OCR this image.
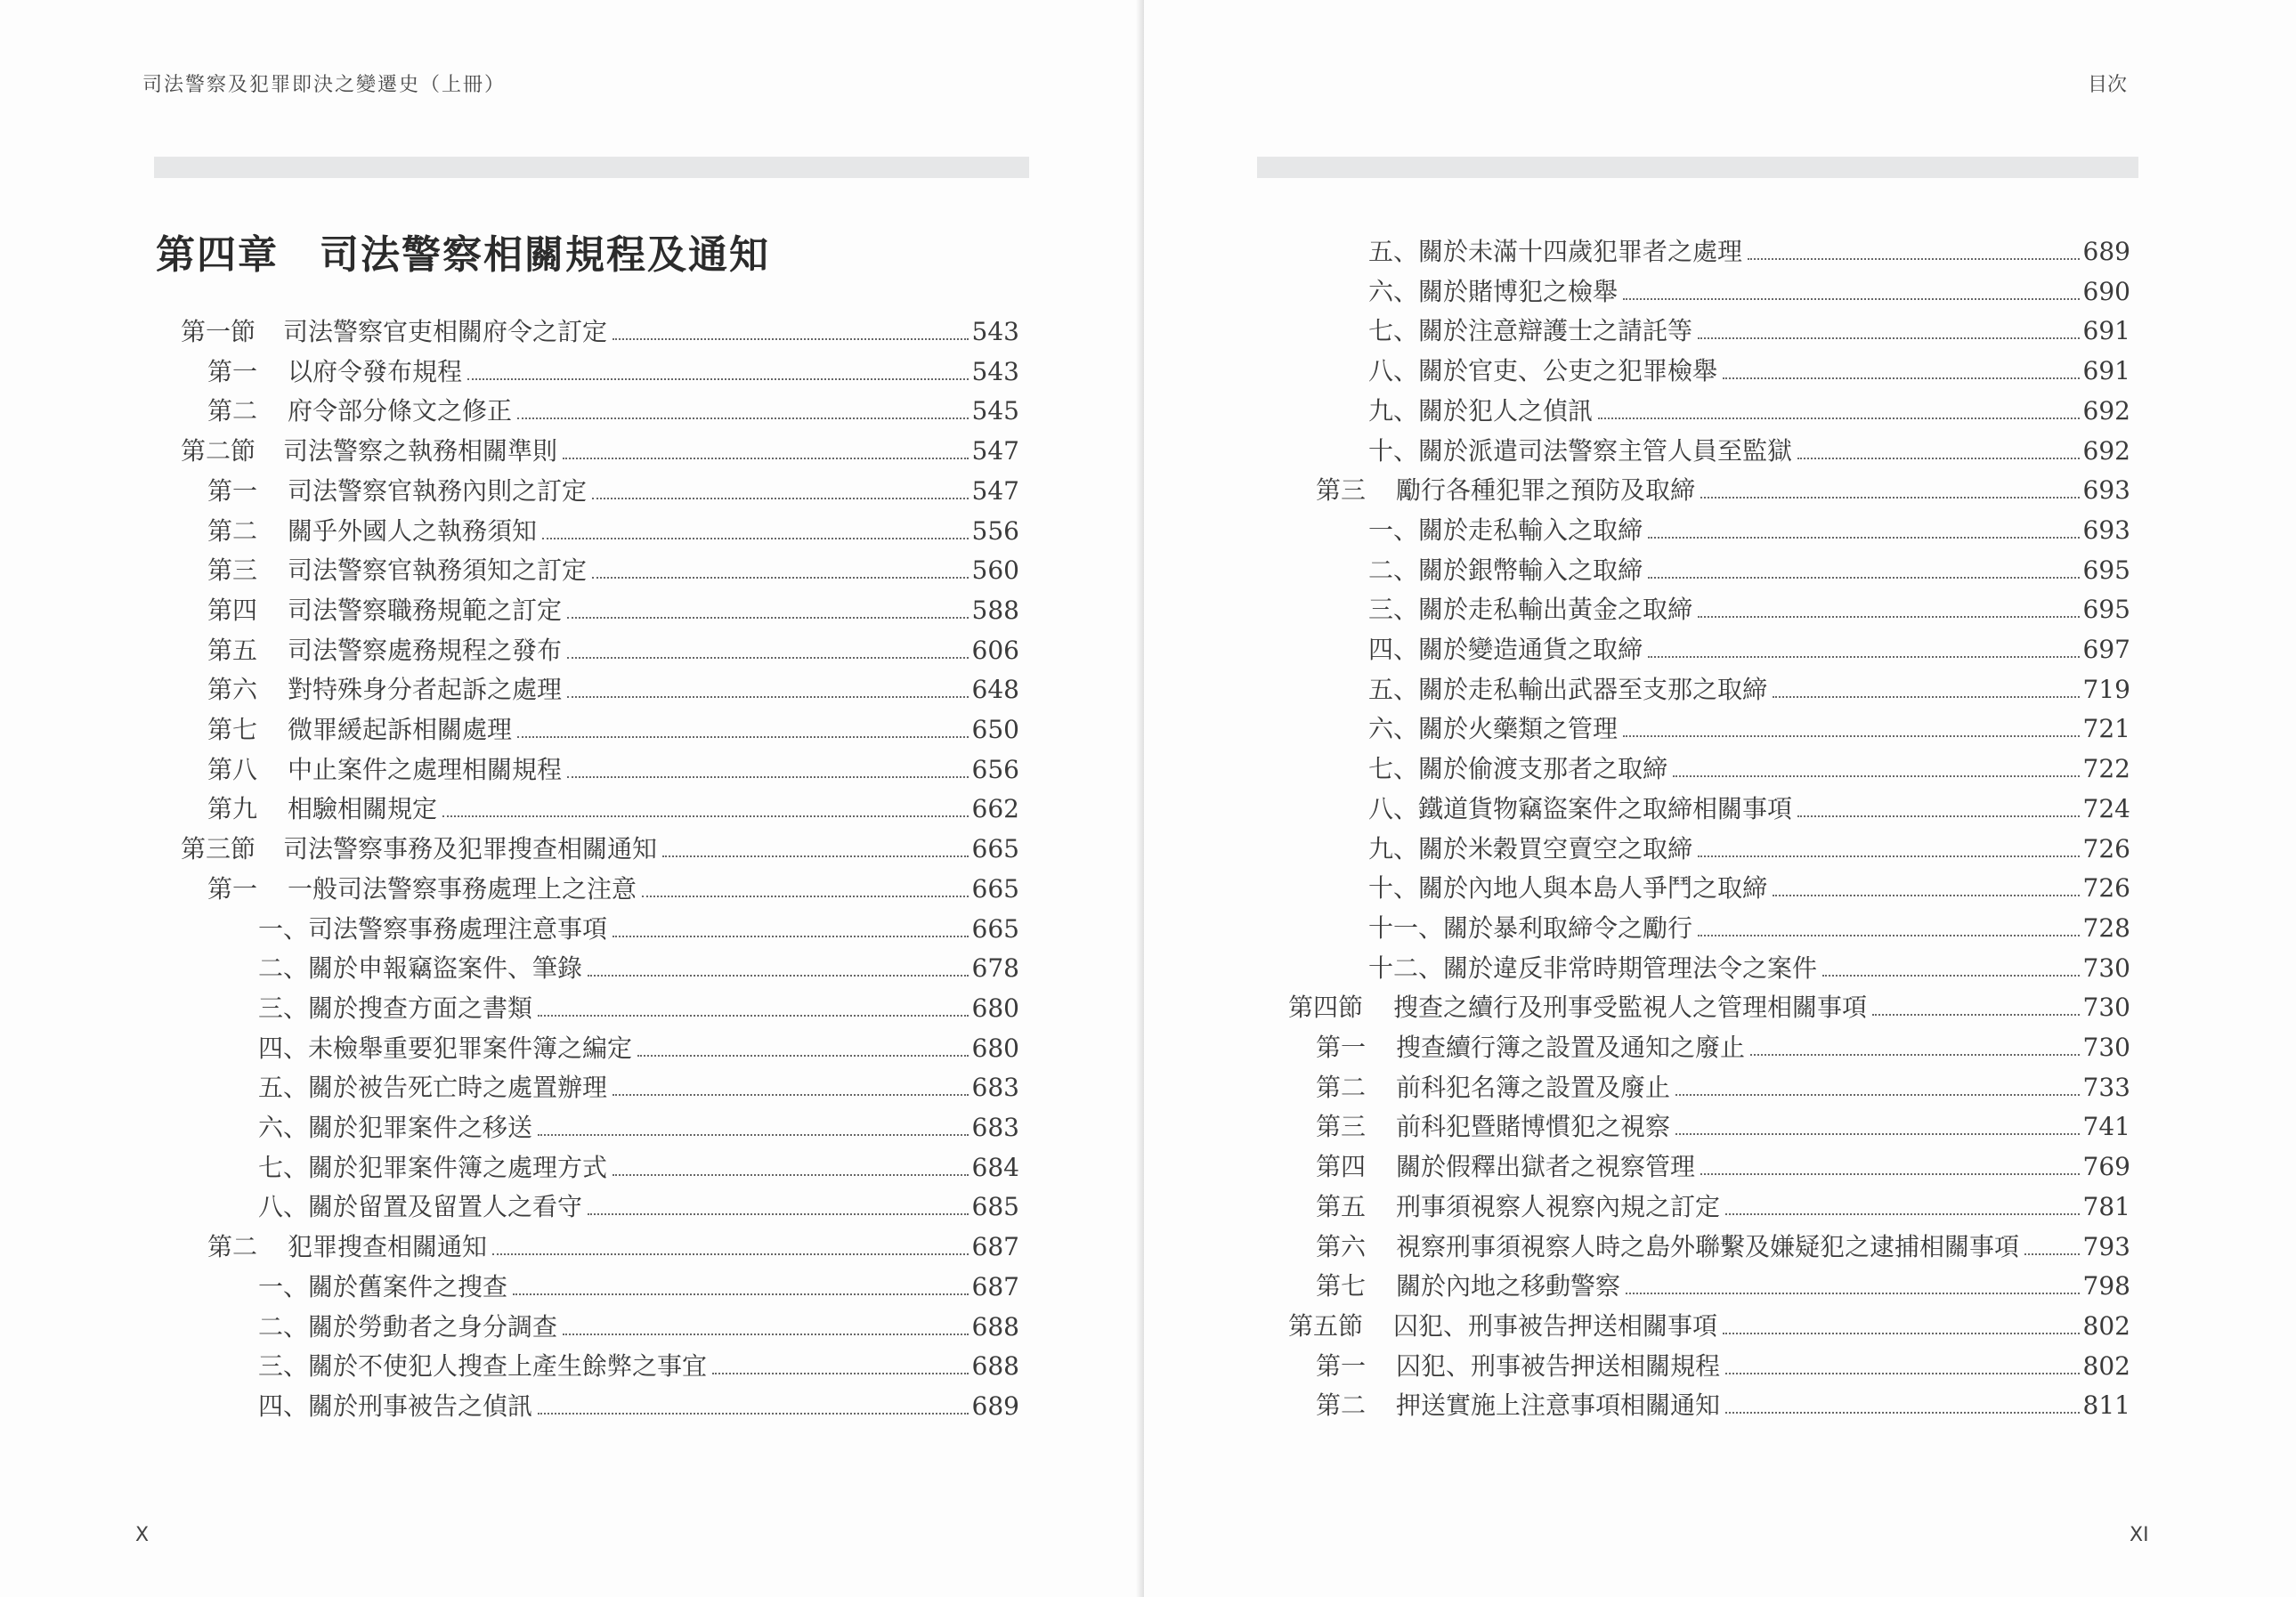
司法警察及犯罪即決之變遷史（上冊）
第四章 司法警察相關規程及通知
第一節	司法警察官吏相關府令之訂定	543
第一	以府令發布規程	543
第二	府令部分條文之修正	545
第二節	司法警察之執務相關準則	547
第一	司法警察官執務內則之訂定	547
第二	關乎外國人之執務須知	556
第三	司法警察官執務須知之訂定	560
第四	司法警察職務規範之訂定	588
第五	司法警察處務規程之發布	606
第六	對特殊身分者起訴之處理	648
第七	微罪緩起訴相關處理	650
第八	中止案件之處理相關規程	656
第九	相驗相關規定	662
第三節	司法警察事務及犯罪搜查相關通知	665
第一	一般司法警察事務處理上之注意	665
一、司法警察事務處理注意事項	665
二、關於申報竊盜案件、筆錄	678
三、關於搜查方面之書類	680
四、未檢舉重要犯罪案件簿之編定	680
五、關於被告死亡時之處置辦理	683
六、關於犯罪案件之移送	683
七、關於犯罪案件簿之處理方式	684
八、關於留置及留置人之看守	685
第二	犯罪搜查相關通知	687
一、關於舊案件之搜查	687
二、關於勞動者之身分調查	688
三、關於不使犯人搜查上產生餘弊之事宜	688
四、關於刑事被告之偵訊	689
X
目次
五、關於未滿十四歲犯罪者之處理	689
六、關於賭博犯之檢舉	690
七、關於注意辯護士之請託等	691
八、關於官吏、公吏之犯罪檢舉	691
九、關於犯人之偵訊	692
十、關於派遣司法警察主管人員至監獄	692
第三	勵行各種犯罪之預防及取締	693
一、關於走私輸入之取締	693
二、關於銀幣輸入之取締	695
三、關於走私輸出黃金之取締	695
四、關於變造通貨之取締	697
五、關於走私輸出武器至支那之取締	719
六、關於火藥類之管理	721
七、關於偷渡支那者之取締	722
八、鐵道貨物竊盜案件之取締相關事項	724
九、關於米穀買空賣空之取締	726
十、關於內地人與本島人爭鬥之取締	726
十一、關於暴利取締令之勵行	728
十二、關於違反非常時期管理法令之案件	730
第四節	搜查之續行及刑事受監視人之管理相關事項	730
第一	搜查續行簿之設置及通知之廢止	730
第二	前科犯名簿之設置及廢止	733
第三	前科犯暨賭博慣犯之視察	741
第四	關於假釋出獄者之視察管理	769
第五	刑事須視察人視察內規之訂定	781
第六	視察刑事須視察人時之島外聯繫及嫌疑犯之逮捕相關事項	793
第七	關於內地之移動警察	798
第五節	囚犯、刑事被告押送相關事項	802
第一	囚犯、刑事被告押送相關規程	802
第二	押送實施上注意事項相關通知	811
XI
